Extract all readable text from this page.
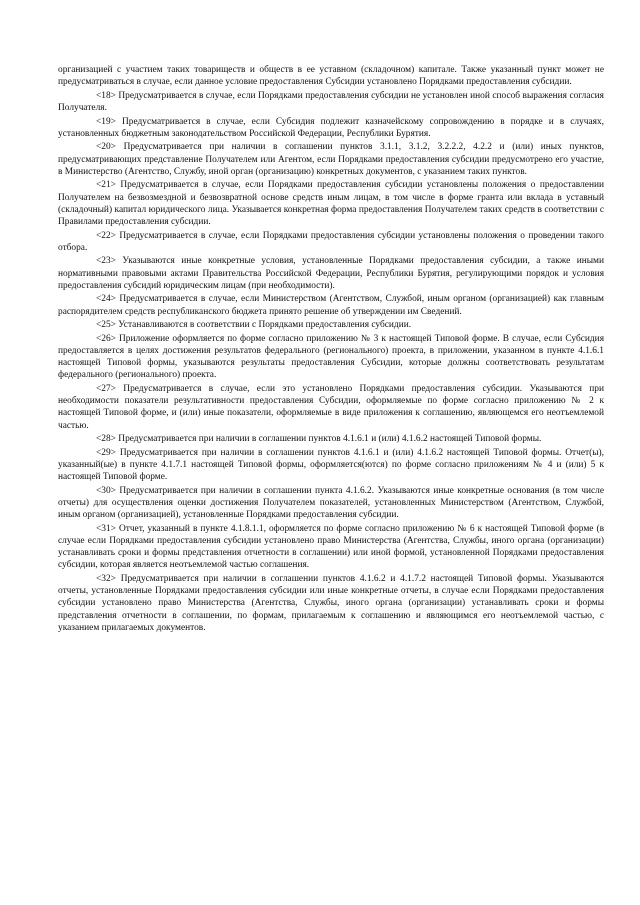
организацией с участием таких товариществ и обществ в ее уставном (складочном) капитале. Также указанный пункт может не предусматриваться в случае, если данное условие предоставления Субсидии установлено Порядками предоставления субсидии.

<18> Предусматривается в случае, если Порядками предоставления субсидии не установлен иной способ выражения согласия Получателя.

<19> Предусматривается в случае, если Субсидия подлежит казначейскому сопровождению в порядке и в случаях, установленных бюджетным законодательством Российской Федерации, Республики Бурятия.

<20> Предусматривается при наличии в соглашении пунктов 3.1.1, 3.1.2, 3.2.2.2, 4.2.2 и (или) иных пунктов, предусматривающих представление Получателем или Агентом, если Порядками предоставления субсидии предусмотрено его участие, в Министерство (Агентство, Службу, иной орган (организацию) конкретных документов, с указанием таких пунктов.

<21> Предусматривается в случае, если Порядками предоставления субсидии установлены положения о предоставлении Получателем на безвозмездной и безвозвратной основе средств иным лицам, в том числе в форме гранта или вклада в уставный (складочный) капитал юридического лица. Указывается конкретная форма предоставления Получателем таких средств в соответствии с Правилами предоставления субсидии.

<22> Предусматривается в случае, если Порядками предоставления субсидии установлены положения о проведении такого отбора.

<23> Указываются иные конкретные условия, установленные Порядками предоставления субсидии, а также иными нормативными правовыми актами Правительства Российской Федерации, Республики Бурятия, регулирующими порядок и условия предоставления субсидий юридическим лицам (при необходимости).

<24> Предусматривается в случае, если Министерством (Агентством, Службой, иным органом (организацией) как главным распорядителем средств республиканского бюджета принято решение об утверждении им Сведений.

<25> Устанавливаются в соответствии с Порядками предоставления субсидии.

<26> Приложение оформляется по форме согласно приложению № 3 к настоящей Типовой форме. В случае, если Субсидия предоставляется в целях достижения результатов федерального (регионального) проекта, в приложении, указанном в пункте 4.1.6.1 настоящей Типовой формы, указываются результаты предоставления Субсидии, которые должны соответствовать результатам федерального (регионального) проекта.

<27> Предусматривается в случае, если это установлено Порядками предоставления субсидии. Указываются при необходимости показатели результативности предоставления Субсидии, оформляемые по форме согласно приложению № 2 к настоящей Типовой форме, и (или) иные показатели, оформляемые в виде приложения к соглашению, являющемся его неотъемлемой частью.

<28> Предусматривается при наличии в соглашении пунктов 4.1.6.1 и (или) 4.1.6.2 настоящей Типовой формы.

<29> Предусматривается при наличии в соглашении пунктов 4.1.6.1 и (или) 4.1.6.2 настоящей Типовой формы. Отчет(ы), указанный(ые) в пункте 4.1.7.1 настоящей Типовой формы, оформляется(ются) по форме согласно приложениям № 4 и (или) 5 к настоящей Типовой форме.

<30> Предусматривается при наличии в соглашении пункта 4.1.6.2. Указываются иные конкретные основания (в том числе отчеты) для осуществления оценки достижения Получателем показателей, установленных Министерством (Агентством, Службой, иным органом (организацией), установленные Порядками предоставления субсидии.

<31> Отчет, указанный в пункте 4.1.8.1.1, оформляется по форме согласно приложению № 6 к настоящей Типовой форме (в случае если Порядками предоставления субсидии установлено право Министерства (Агентства, Службы, иного органа (организации) устанавливать сроки и формы представления отчетности в соглашении) или иной формой, установленной Порядками предоставления субсидии, которая является неотъемлемой частью соглашения.

<32> Предусматривается при наличии в соглашении пунктов 4.1.6.2 и 4.1.7.2 настоящей Типовой формы. Указываются отчеты, установленные Порядками предоставления субсидии или иные конкретные отчеты, в случае если Порядками предоставления субсидии установлено право Министерства (Агентства, Службы, иного органа (организации) устанавливать сроки и формы представления отчетности в соглашении, по формам, прилагаемым к соглашению и являющимся его неотъемлемой частью, с указанием прилагаемых документов.
